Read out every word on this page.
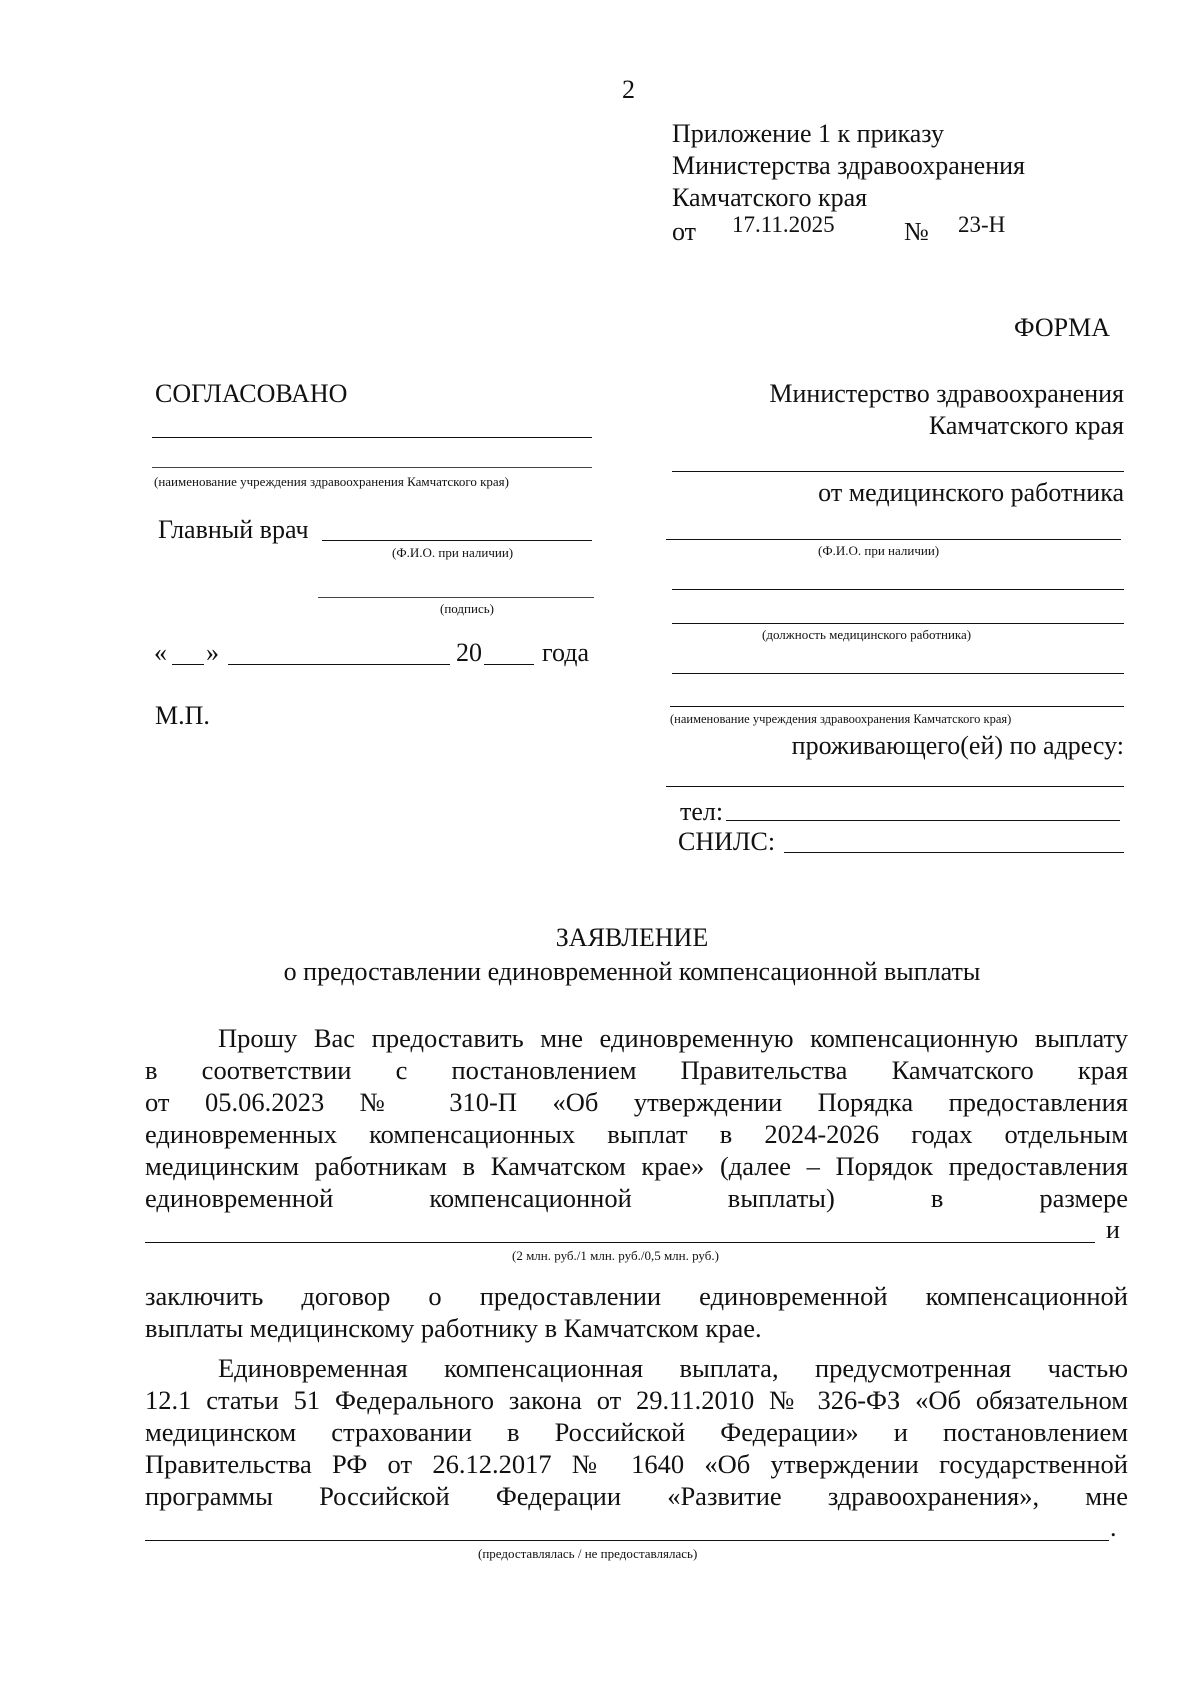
2
Приложение 1 к приказу
Министерства здравоохранения
Камчатского края
от 17.11.2025	№ 23-Н
ФОРМА
СОГЛАСОВАНО
(наименование учреждения здравоохранения Камчатского края)
Главный врач
(Ф.И.О. при наличии)
(подпись)
« »	20 года
М.П.
Министерство здравоохранения
Камчатского края
от медицинского работника
(Ф.И.О. при наличии)
(должность медицинского работника)
(наименование учреждения здравоохранения Камчатского края)
проживающего(ей) по адресу:
тел:
СНИЛС:
ЗАЯВЛЕНИЕ
о предоставлении единовременной компенсационной выплаты
Прошу Вас предоставить мне единовременную компенсационную выплату
в соответствии с постановлением Правительства Камчатского края
от 05.06.2023 № 310-П «Об утверждении Порядка предоставления
единовременных компенсационных выплат в 2024-2026 годах отдельным
медицинским работникам в Камчатском крае» (далее – Порядок предоставления
единовременной компенсационной выплаты) в размере
и
(2 млн. руб./1 млн. руб./0,5 млн. руб.)
заключить договор о предоставлении единовременной компенсационной
выплаты медицинскому работнику в Камчатском крае.
Единовременная компенсационная выплата, предусмотренная частью
12.1 статьи 51 Федерального закона от 29.11.2010 № 326-ФЗ «Об обязательном
медицинском страховании в Российской Федерации» и постановлением
Правительства РФ от 26.12.2017 № 1640 «Об утверждении государственной
программы Российской Федерации «Развитие здравоохранения», мне
.
(предоставлялась / не предоставлялась)
